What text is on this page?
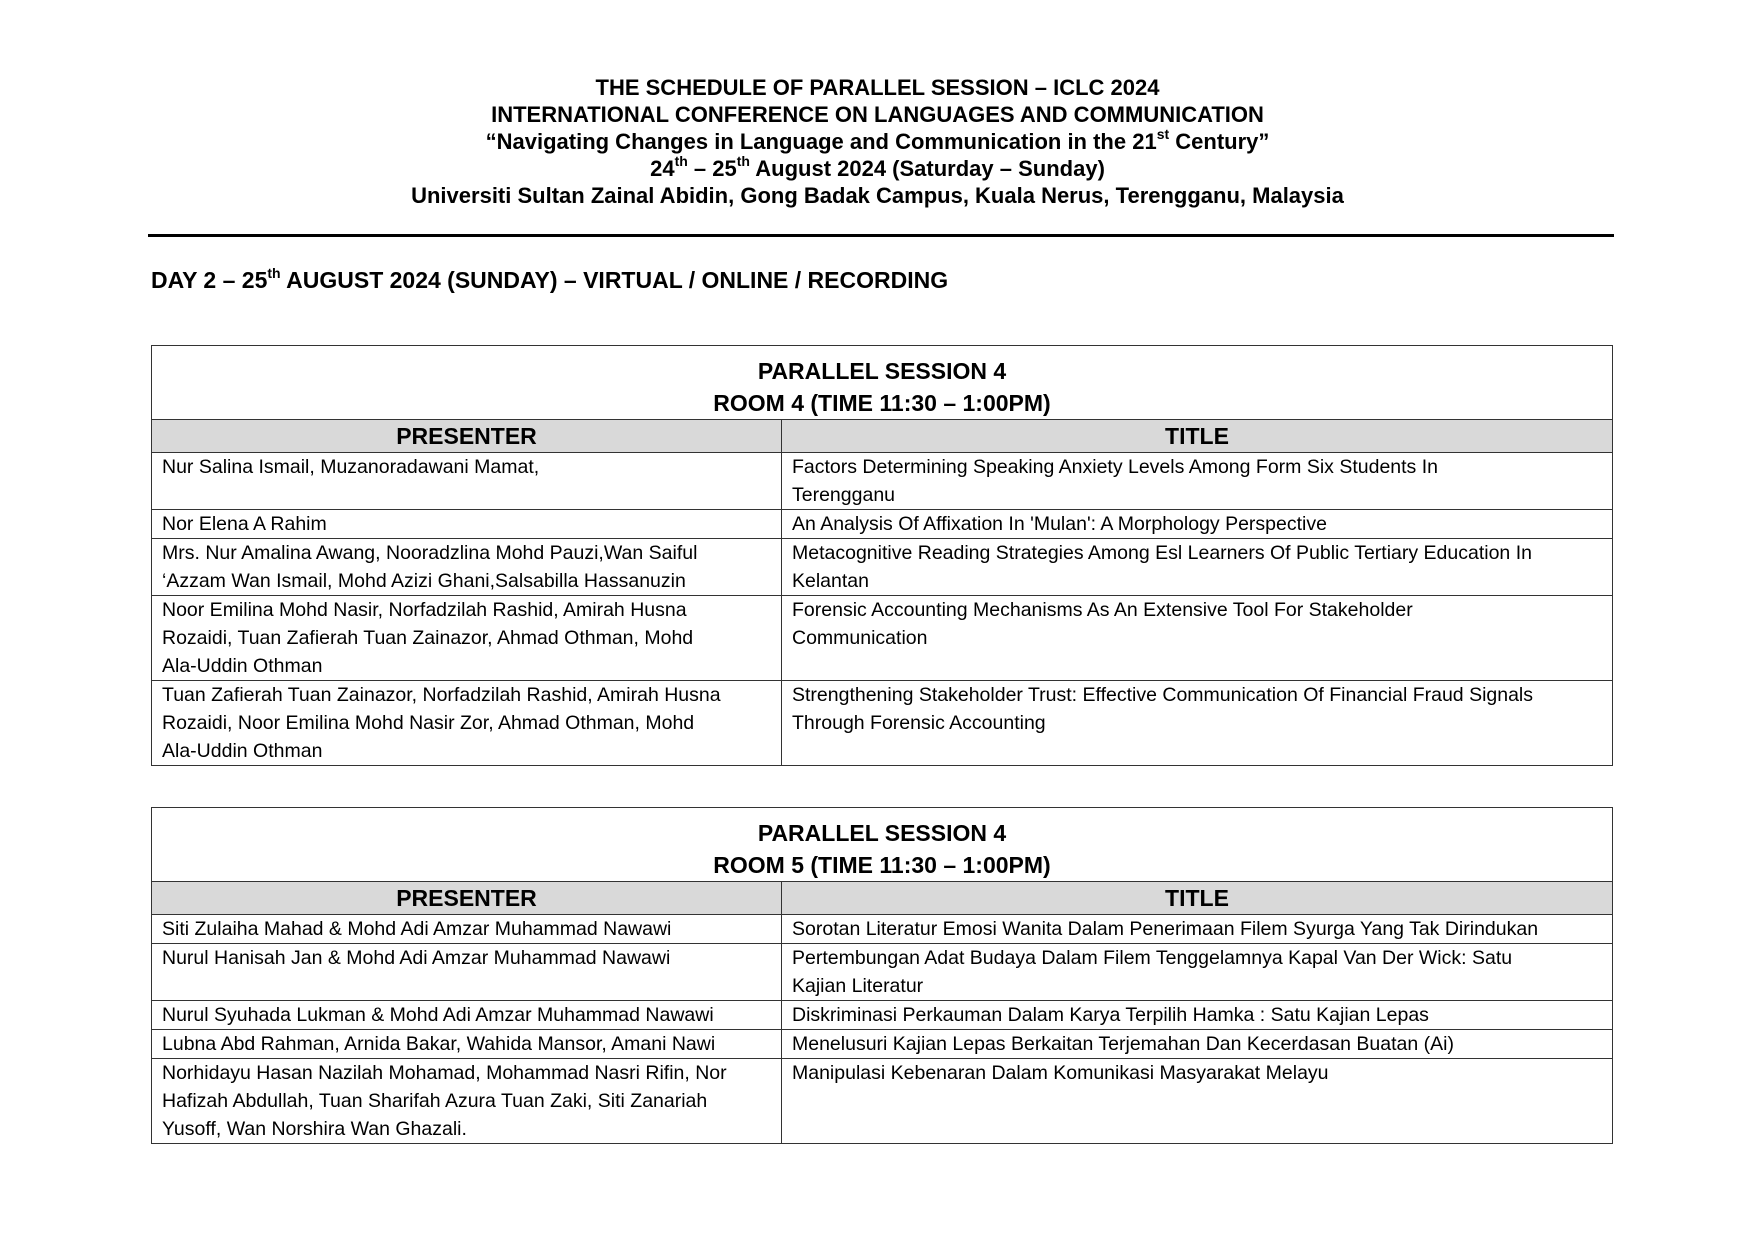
THE SCHEDULE OF PARALLEL SESSION – ICLC 2024
INTERNATIONAL CONFERENCE ON LANGUAGES AND COMMUNICATION
“Navigating Changes in Language and Communication in the 21st Century”
24th – 25th August 2024 (Saturday – Sunday)
Universiti Sultan Zainal Abidin, Gong Badak Campus, Kuala Nerus, Terengganu, Malaysia
DAY 2 – 25th AUGUST 2024 (SUNDAY) – VIRTUAL / ONLINE / RECORDING
PARALLEL SESSION 4
ROOM 4 (TIME 11:30 – 1:00PM)	

PRESENTER	TITLE
Nur Salina Ismail, Muzanoradawani Mamat,	Factors Determining Speaking Anxiety Levels Among Form Six Students In
Terengganu
Nor Elena A Rahim	An Analysis Of Affixation In 'Mulan': A Morphology Perspective
Mrs. Nur Amalina Awang, Nooradzlina Mohd Pauzi,Wan Saiful
‘Azzam Wan Ismail, Mohd Azizi Ghani,Salsabilla Hassanuzin	Metacognitive Reading Strategies Among Esl Learners Of Public Tertiary Education In
Kelantan
Noor Emilina Mohd Nasir, Norfadzilah Rashid, Amirah Husna
Rozaidi, Tuan Zafierah Tuan Zainazor, Ahmad Othman, Mohd
Ala-Uddin Othman	Forensic Accounting Mechanisms As An Extensive Tool For Stakeholder
Communication
Tuan Zafierah Tuan Zainazor, Norfadzilah Rashid, Amirah Husna
Rozaidi, Noor Emilina Mohd Nasir Zor, Ahmad Othman, Mohd
Ala-Uddin Othman	Strengthening Stakeholder Trust: Effective Communication Of Financial Fraud Signals
Through Forensic Accounting
PARALLEL SESSION 4
ROOM 5 (TIME 11:30 – 1:00PM)	

PRESENTER	TITLE
Siti Zulaiha Mahad & Mohd Adi Amzar Muhammad Nawawi	Sorotan Literatur Emosi Wanita Dalam Penerimaan Filem Syurga Yang Tak Dirindukan
Nurul Hanisah Jan & Mohd Adi Amzar Muhammad Nawawi	Pertembungan Adat Budaya Dalam Filem Tenggelamnya Kapal Van Der Wick: Satu
Kajian Literatur
Nurul Syuhada Lukman & Mohd Adi Amzar Muhammad Nawawi	Diskriminasi Perkauman Dalam Karya Terpilih Hamka : Satu Kajian Lepas
Lubna Abd Rahman, Arnida Bakar, Wahida Mansor, Amani Nawi	Menelusuri Kajian Lepas Berkaitan Terjemahan Dan Kecerdasan Buatan (Ai)
Norhidayu Hasan Nazilah Mohamad, Mohammad Nasri Rifin, Nor
Hafizah Abdullah, Tuan Sharifah Azura Tuan Zaki, Siti Zanariah
Yusoff, Wan Norshira Wan Ghazali.	Manipulasi Kebenaran Dalam Komunikasi Masyarakat Melayu
